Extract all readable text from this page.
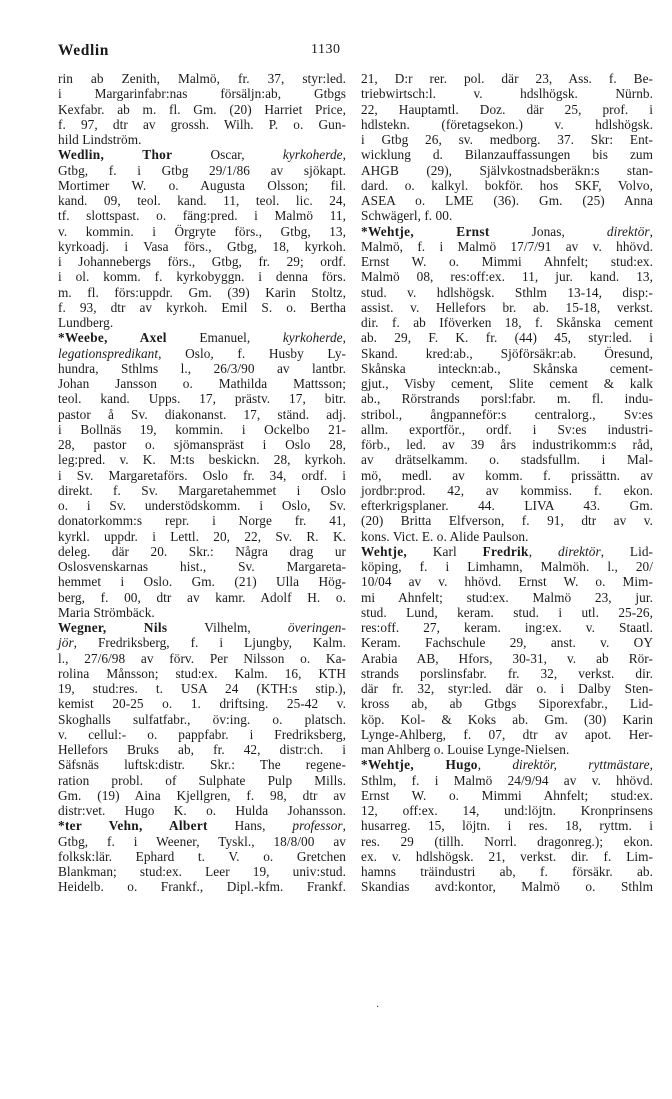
Wedlin	1130
rin ab Zenith, Malmö, fr. 37, styr:led.
i Margarinfabr:nas försäljn:ab, Gtbgs
Kexfabr. ab m. fl. Gm. (20) Harriet Price,
f. 97, dtr av grossh. Wilh. P. o. Gun-
hild Lindström.
Wedlin, Thor Oscar, kyrkoherde,
Gtbg, f. i Gtbg 29/1/86 av sjökapt.
Mortimer W. o. Augusta Olsson; fil.
kand. 09, teol. kand. 11, teol. lic. 24,
tf. slottspast. o. fäng:pred. i Malmö 11,
v. kommin. i Örgryte förs., Gtbg, 13,
kyrkoadj. i Vasa förs., Gtbg, 18, kyrkoh.
i Johannebergs förs., Gtbg, fr. 29; ordf.
i ol. komm. f. kyrkobyggn. i denna förs.
m. fl. förs:uppdr. Gm. (39) Karin Stoltz,
f. 93, dtr av kyrkoh. Emil S. o. Bertha
Lundberg.
*Weebe, Axel Emanuel, kyrkoherde,
legationspredikant, Oslo, f. Husby Ly-
hundra, Sthlms l., 26/3/90 av lantbr.
Johan Jansson o. Mathilda Mattsson;
teol. kand. Upps. 17, prästv. 17, bitr.
pastor å Sv. diakonanst. 17, ständ. adj.
i Bollnäs 19, kommin. i Ockelbo 21-
28, pastor o. sjömanspräst i Oslo 28,
leg:pred. v. K. M:ts beskickn. 28, kyrkoh.
i Sv. Margaretaförs. Oslo fr. 34, ordf. i
direkt. f. Sv. Margaretahemmet i Oslo
o. i Sv. understödskomm. i Oslo, Sv.
donatorkomm:s repr. i Norge fr. 41,
kyrkl. uppdr. i Lettl. 20, 22, Sv. R. K.
deleg. där 20. Skr.: Några drag ur
Oslosvenskarnas hist., Sv. Margareta-
hemmet i Oslo. Gm. (21) Ulla Hög-
berg, f. 00, dtr av kamr. Adolf H. o.
Maria Strömbäck.
Wegner, Nils Vilhelm, överingen-
jör, Fredriksberg, f. i Ljungby, Kalm.
l., 27/6/98 av förv. Per Nilsson o. Ka-
rolina Månsson; stud:ex. Kalm. 16, KTH
19, stud:res. t. USA 24 (KTH:s stip.),
kemist 20-25 o. 1. driftsing. 25-42 v.
Skoghalls sulfatfabr., öv:ing. o. platsch.
v. cellul:- o. pappfabr. i Fredriksberg,
Hellefors Bruks ab, fr. 42, distr:ch. i
Säfsnäs luftsk:distr. Skr.: The regene-
ration probl. of Sulphate Pulp Mills.
Gm. (19) Aina Kjellgren, f. 98, dtr av
distr:vet. Hugo K. o. Hulda Johansson.
*ter Vehn, Albert Hans, professor,
Gtbg, f. i Weener, Tyskl., 18/8/00 av
folksk:lär. Ephard t. V. o. Gretchen
Blankman; stud:ex. Leer 19, univ:stud.
Heidelb. o. Frankf., Dipl.-kfm. Frankf.
21, D:r rer. pol. där 23, Ass. f. Be-
triebwirtsch:l. v. hdslhögsk. Nürnb.
22, Hauptamtl. Doz. där 25, prof. i
hdlstekn. (företagsekon.) v. hdlshögsk.
i Gtbg 26, sv. medborg. 37. Skr: Ent-
wicklung d. Bilanzauffassungen bis zum
AHGB (29), Självkostnadsberäkn:s stan-
dard. o. kalkyl. bokför. hos SKF, Volvo,
ASEA o. LME (36). Gm. (25) Anna
Schwägerl, f. 00.
*Wehtje, Ernst Jonas, direktör,
Malmö, f. i Malmö 17/7/91 av v. hhövd.
Ernst W. o. Mimmi Ahnfelt; stud:ex.
Malmö 08, res:off:ex. 11, jur. kand. 13,
stud. v. hdlshögsk. Sthlm 13-14, disp:-
assist. v. Hellefors br. ab. 15-18, verkst.
dir. f. ab Iföverken 18, f. Skånska cement
ab. 29, F. K. fr. (44) 45, styr:led. i
Skand. kred:ab., Sjöförsäkr:ab. Öresund,
Skånska inteckn:ab., Skånska cement-
gjut., Visby cement, Slite cement & kalk
ab., Rörstrands porsl:fabr. m. fl. indu-
stribol., ångpanneför:s centralorg., Sv:es
allm. exportför., ordf. i Sv:es industri-
förb., led. av 39 års industrikomm:s råd,
av drätselkamm. o. stadsfullm. i Mal-
mö, medl. av komm. f. prissättn. av
jordbr:prod. 42, av kommiss. f. ekon.
efterkrigsplaner. 44. LIVA 43. Gm.
(20) Britta Elfverson, f. 91, dtr av v.
kons. Vict. E. o. Alide Paulson.
Wehtje, Karl Fredrik, direktör, Lid-
köping, f. i Limhamn, Malmöh. l., 20/
10/04 av v. hhövd. Ernst W. o. Mim-
mi Ahnfelt; stud:ex. Malmö 23, jur.
stud. Lund, keram. stud. i utl. 25-26,
res:off. 27, keram. ing:ex. v. Staatl.
Keram. Fachschule 29, anst. v. OY
Arabia AB, Hfors, 30-31, v. ab Rör-
strands porslinsfabr. fr. 32, verkst. dir.
där fr. 32, styr:led. där o. i Dalby Sten-
kross ab, ab Gtbgs Siporexfabr., Lid-
köp. Kol- & Koks ab. Gm. (30) Karin
Lynge-Ahlberg, f. 07, dtr av apot. Her-
man Ahlberg o. Louise Lynge-Nielsen.
*Wehtje, Hugo, direktör, ryttmästare,
Sthlm, f. i Malmö 24/9/94 av v. hhövd.
Ernst W. o. Mimmi Ahnfelt; stud:ex.
12, off:ex. 14, und:löjtn. Kronprinsens
husarreg. 15, löjtn. i res. 18, ryttm. i
res. 29 (tillh. Norrl. dragonreg.); ekon.
ex. v. hdlshögsk. 21, verkst. dir. f. Lim-
hamns träindustri ab, f. försäkr. ab.
Skandias avd:kontor, Malmö o. Sthlm
·
